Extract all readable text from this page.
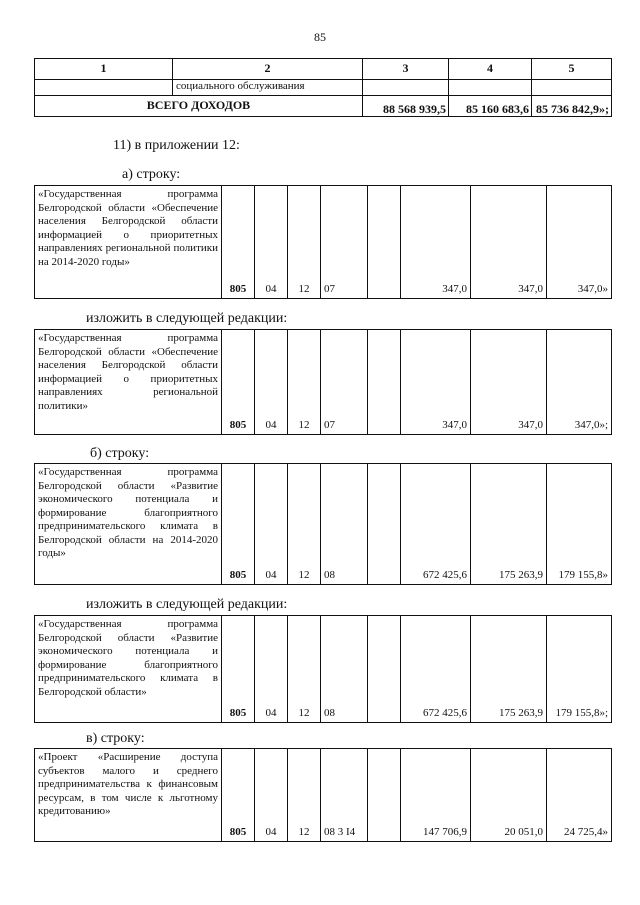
85
1	2	3	4	5
	социального обслуживания			
ВСЕГО ДОХОДОВ		88 568 939,5	85 160 683,6	85 736 842,9»;
11) в приложении 12:
а) строку:
«Государственная программа Белгородской области «Обеспечение населения Белгородской области информацией о приоритетных направлениях региональной политики на 2014-2020 годы»	805	04	12	07		347,0	347,0	347,0»
изложить в следующей редакции:
«Государственная программа Белгородской области «Обеспечение населения Белгородской области информацией о приоритетных направлениях региональной политики»	805	04	12	07		347,0	347,0	347,0»;
б) строку:
«Государственная программа Белгородской области «Развитие экономического потенциала и формирование благоприятного предпринимательского климата в Белгородской области на 2014-2020 годы»	805	04	12	08		672 425,6	175 263,9	179 155,8»
изложить в следующей редакции:
«Государственная программа Белгородской области «Развитие экономического потенциала и формирование благоприятного предпринимательского климата в Белгородской области»	805	04	12	08		672 425,6	175 263,9	179 155,8»;
в) строку:
«Проект «Расширение доступа субъектов малого и среднего предпринимательства к финансовым ресурсам, в том числе к льготному кредитованию»	805	04	12	08 3 I4		147 706,9	20 051,0	24 725,4»
